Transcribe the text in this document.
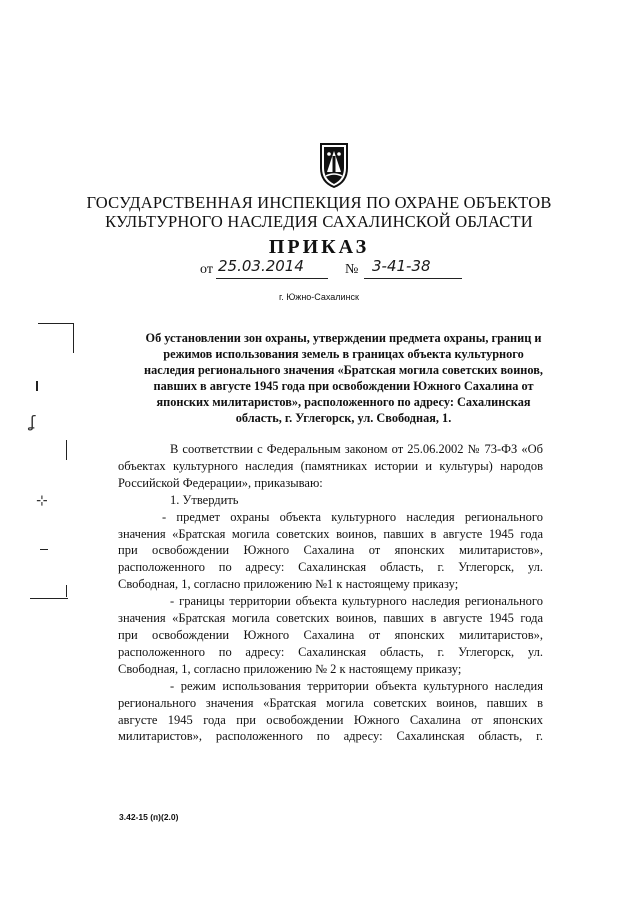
ГОСУДАРСТВЕННАЯ ИНСПЕКЦИЯ ПО ОХРАНЕ ОБЪЕКТОВ
КУЛЬТУРНОГО НАСЛЕДИЯ САХАЛИНСКОЙ ОБЛАСТИ
ПРИКАЗ
от 25.03.2014	№ 3-41-38
г. Южно-Сахалинск
Об установлении зон охраны, утверждении предмета охраны, границ и
режимов использования земель в границах объекта культурного
наследия регионального значения «Братская могила советских воинов,
павших в августе 1945 года при освобождении Южного Сахалина от
японских милитаристов», расположенного по адресу: Сахалинская
область, г. Углегорск, ул. Свободная, 1.
В соответствии с Федеральным законом от 25.06.2002 № 73-ФЗ «Об
объектах культурного наследия (памятниках истории и культуры) народов
Российской Федерации», приказываю:
1. Утвердить
- предмет охраны объекта культурного наследия регионального
значения «Братская могила советских воинов, павших в августе 1945 года
при освобождении Южного Сахалина от японских милитаристов»,
расположенного по адресу: Сахалинская область, г. Углегорск, ул.
Свободная, 1, согласно приложению №1 к настоящему приказу;
- границы территории объекта культурного наследия регионального
значения «Братская могила советских воинов, павших в августе 1945 года
при освобождении Южного Сахалина от японских милитаристов»,
расположенного по адресу: Сахалинская область, г. Углегорск, ул.
Свободная, 1, согласно приложению № 2 к настоящему приказу;
- режим использования территории объекта культурного наследия
регионального значения «Братская могила советских воинов, павших в
августе 1945 года при освобождении Южного Сахалина от японских
милитаристов», расположенного по адресу: Сахалинская область, г.
3.42-15 (п)(2.0)
ʆ
⊹
